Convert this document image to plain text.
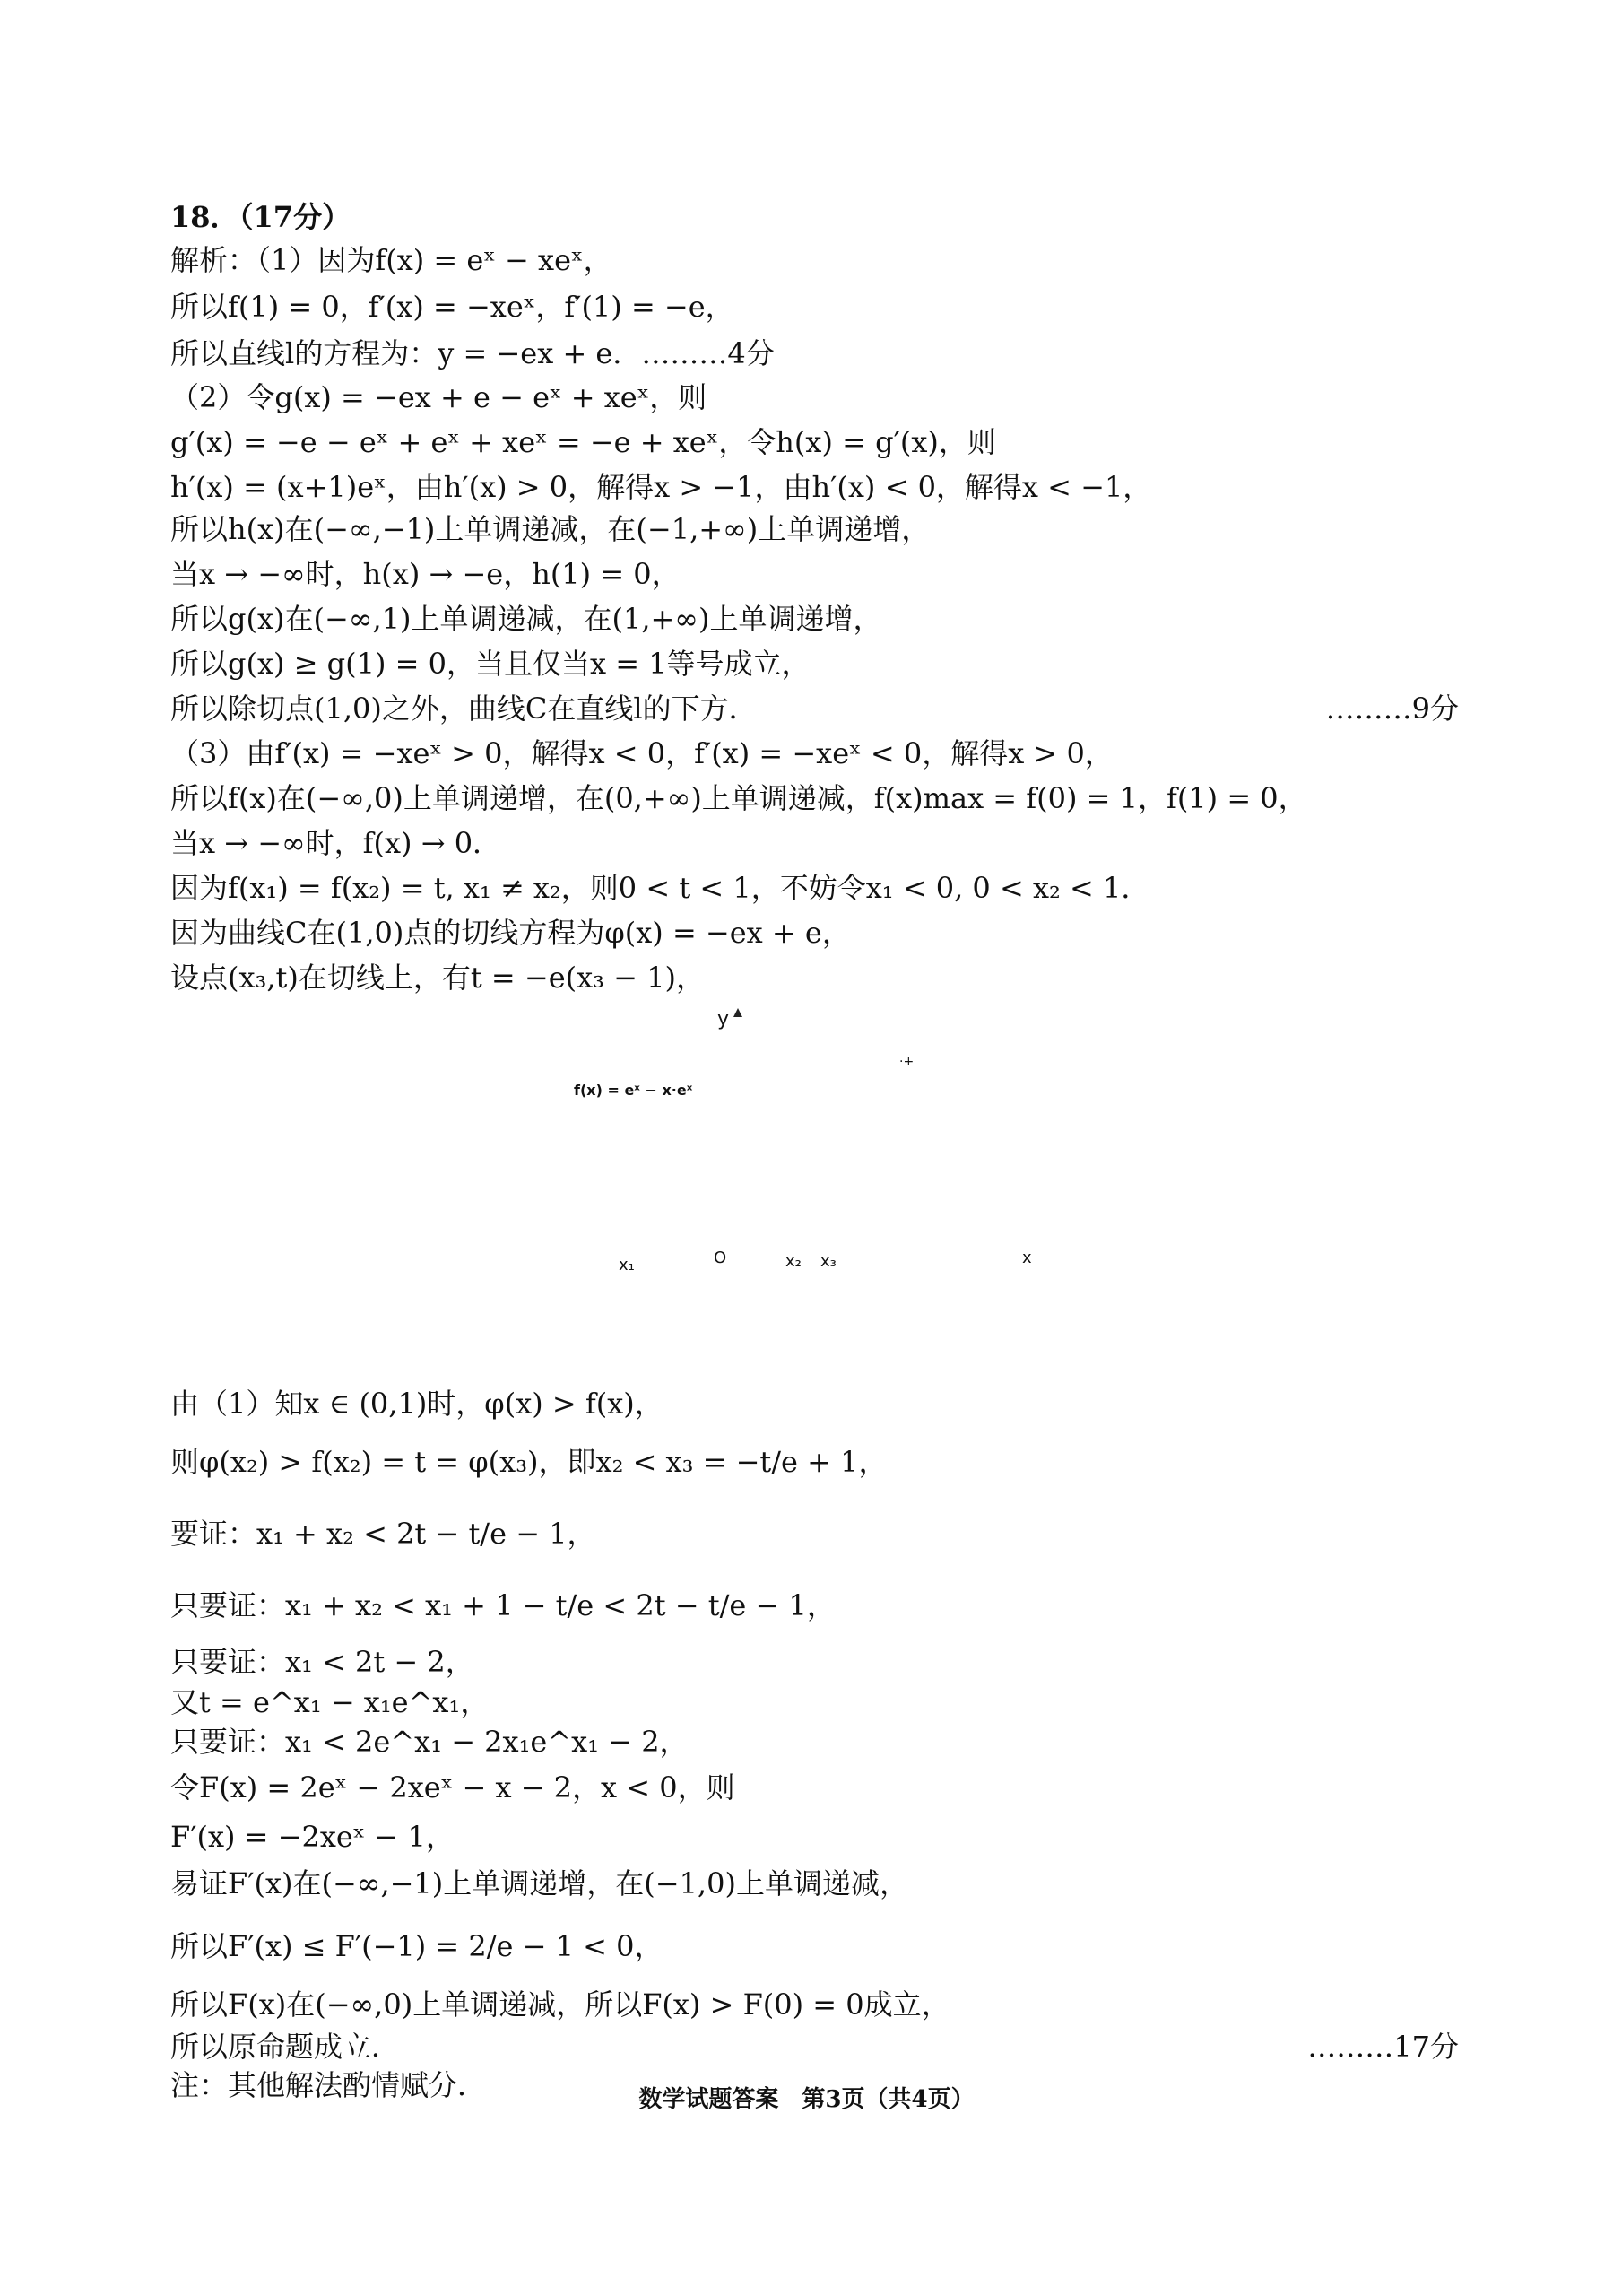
18．（17分）
解析：（1）因为f(x) = eˣ − xeˣ，
所以f(1) = 0，f′(x) = −xeˣ，f′(1) = −e，
所以直线l的方程为：y = −ex + e．………4分
（2）令g(x) = −ex + e − eˣ + xeˣ，则
g′(x) = −e − eˣ + eˣ + xeˣ = −e + xeˣ，令h(x) = g′(x)，则
h′(x) = (x+1)eˣ，由h′(x) > 0，解得x > −1，由h′(x) < 0，解得x < −1，
所以h(x)在(−∞,−1)上单调递减，在(−1,+∞)上单调递增，
当x → −∞时，h(x) → −e，h(1) = 0，
所以g(x)在(−∞,1)上单调递减，在(1,+∞)上单调递增，
所以g(x) ≥ g(1) = 0，当且仅当x = 1等号成立，
所以除切点(1,0)之外，曲线C在直线l的下方．
（3）由f′(x) = −xeˣ > 0，解得x < 0，f′(x) = −xeˣ < 0，解得x > 0，
所以f(x)在(−∞,0)上单调递增，在(0,+∞)上单调递减，f(x)max = f(0) = 1，f(1) = 0，
当x → −∞时，f(x) → 0．
因为f(x₁) = f(x₂) = t, x₁ ≠ x₂，则0 < t < 1，不妨令x₁ < 0, 0 < x₂ < 1．
因为曲线C在(1,0)点的切线方程为φ(x) = −ex + e，
设点(x₃,t)在切线上，有t = −e(x₃ − 1)，
由（1）知x ∈ (0,1)时，φ(x) > f(x)，
则φ(x₂) > f(x₂) = t = φ(x₃)，即x₂ < x₃ = −t/e + 1，
要证：x₁ + x₂ < 2t − t/e − 1，
只要证：x₁ + x₂ < x₁ + 1 − t/e < 2t − t/e − 1，
只要证：x₁ < 2t − 2，
又t = e^x₁ − x₁e^x₁，
只要证：x₁ < 2e^x₁ − 2x₁e^x₁ − 2，
令F(x) = 2eˣ − 2xeˣ − x − 2，x < 0，则
F′(x) = −2xeˣ − 1，
易证F′(x)在(−∞,−1)上单调递增，在(−1,0)上单调递减，
所以F′(x) ≤ F′(−1) = 2/e − 1 < 0，
所以F(x)在(−∞,0)上单调递减，所以F(x) > F(0) = 0成立，
所以原命题成立．
注：其他解法酌情赋分．
………9分
………17分
y
f(x) = eˣ − x·eˣ
·+
x₁	O	x₂ x₃	x
数学试题答案　第3页（共4页）
